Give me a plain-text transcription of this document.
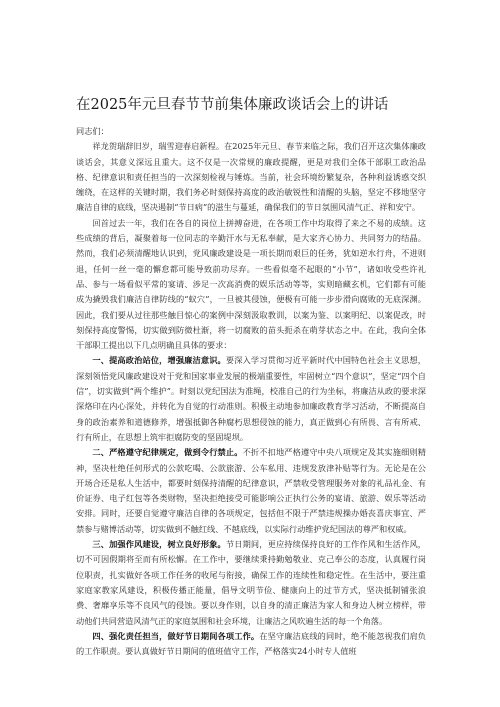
在2025年元旦春节节前集体廉政谈话会上的讲话

同志们：

祥龙贺瑞辞旧岁，瑞雪迎春启新程。在2025年元旦、春节来临之际，我们召开这次集体廉政谈话会，其意义深远且重大。这不仅是一次常规的廉政提醒，更是对我们全体干部职工政治品格、纪律意识和责任担当的一次深刻检视与锤炼。当前，社会环境纷繁复杂，各种利益诱惑交织缠绕，在这样的关键时期，我们务必时刻保持高度的政治敏锐性和清醒的头脑，坚定不移地坚守廉洁自律的底线，坚决遏制“节日病”的滋生与蔓延，确保我们的节日氛围风清气正、祥和安宁。

回首过去一年，我们在各自的岗位上拼搏奋进，在各项工作中均取得了来之不易的成绩。这些成绩的背后，凝聚着每一位同志的辛勤汗水与无私奉献，是大家齐心协力、共同努力的结晶。然而，我们必须清醒地认识到，党风廉政建设是一项长期而艰巨的任务，犹如逆水行舟，不进则退，任何一丝一毫的懈怠都可能导致前功尽弃。一些看似毫不起眼的“小节”，诸如收受些许礼品、参与一场看似平常的宴请、涉足一次高消费的娱乐活动等等，实则暗藏玄机，它们都有可能成为撬毁我们廉洁自律防线的“蚁穴”，一旦被其侵蚀，便极有可能一步步滑向腐败的无底深渊。因此，我们要从过往那些触目惊心的案例中深刻汲取教训，以案为鉴、以案明纪、以案促改，时刻保持高度警惕，切实做到防微杜渐，将一切腐败的苗头扼杀在萌芽状态之中。在此，我向全体干部职工提出以下几点明确且具体的要求：

一、提高政治站位，增强廉洁意识。要深入学习贯彻习近平新时代中国特色社会主义思想，深刻领悟党风廉政建设对于党和国家事业发展的极端重要性，牢固树立“四个意识”，坚定“四个自信”，切实做到“两个维护”。时刻以党纪国法为准绳，校准自己的行为坐标，将廉洁从政的要求深深烙印在内心深处，并转化为自觉的行动准则。积极主动地参加廉政教育学习活动，不断提高自身的政治素养和道德修养，增强抵御各种腐朽思想侵蚀的能力，真正做到心有所畏、言有所戒、行有所止，在思想上筑牢拒腐防变的坚固堤坝。

二、严格遵守纪律规定，做到令行禁止。不折不扣地严格遵守中央八项规定及其实施细则精神，坚决杜绝任何形式的公款吃喝、公款旅游、公车私用、违规发放津补贴等行为。无论是在公开场合还是私人生活中，都要时刻保持清醒的纪律意识，严禁收受管理服务对象的礼品礼金、有价证券、电子红包等各类财物，坚决拒绝接受可能影响公正执行公务的宴请、旅游、娱乐等活动安排。同时，还要自觉遵守廉洁自律的各项规定，包括但不限于严禁违规操办婚丧喜庆事宜、严禁参与赌博活动等，切实做到不触红线、不越底线，以实际行动维护党纪国法的尊严和权威。

三、加强作风建设，树立良好形象。节日期间，更应持续保持良好的工作作风和生活作风，切不可因假期将至而有所松懈。在工作中，要继续秉持勤勉敬业、克己奉公的态度，认真履行岗位职责，扎实做好各项工作任务的收尾与衔接，确保工作的连续性和稳定性。在生活中，要注重家庭家教家风建设，积极传播正能量，倡导文明节俭、健康向上的过节方式，坚决抵制铺张浪费、奢靡享乐等不良风气的侵蚀。要以身作则，以自身的清正廉洁为家人和身边人树立榜样，带动他们共同营造风清气正的家庭氛围和社会环境，让廉洁之风吹遍生活的每一个角落。

四、强化责任担当，做好节日期间各项工作。在坚守廉洁底线的同时，绝不能忽视我们肩负的工作职责。要认真做好节日期间的值班值守工作，严格落实24小时专人值班
